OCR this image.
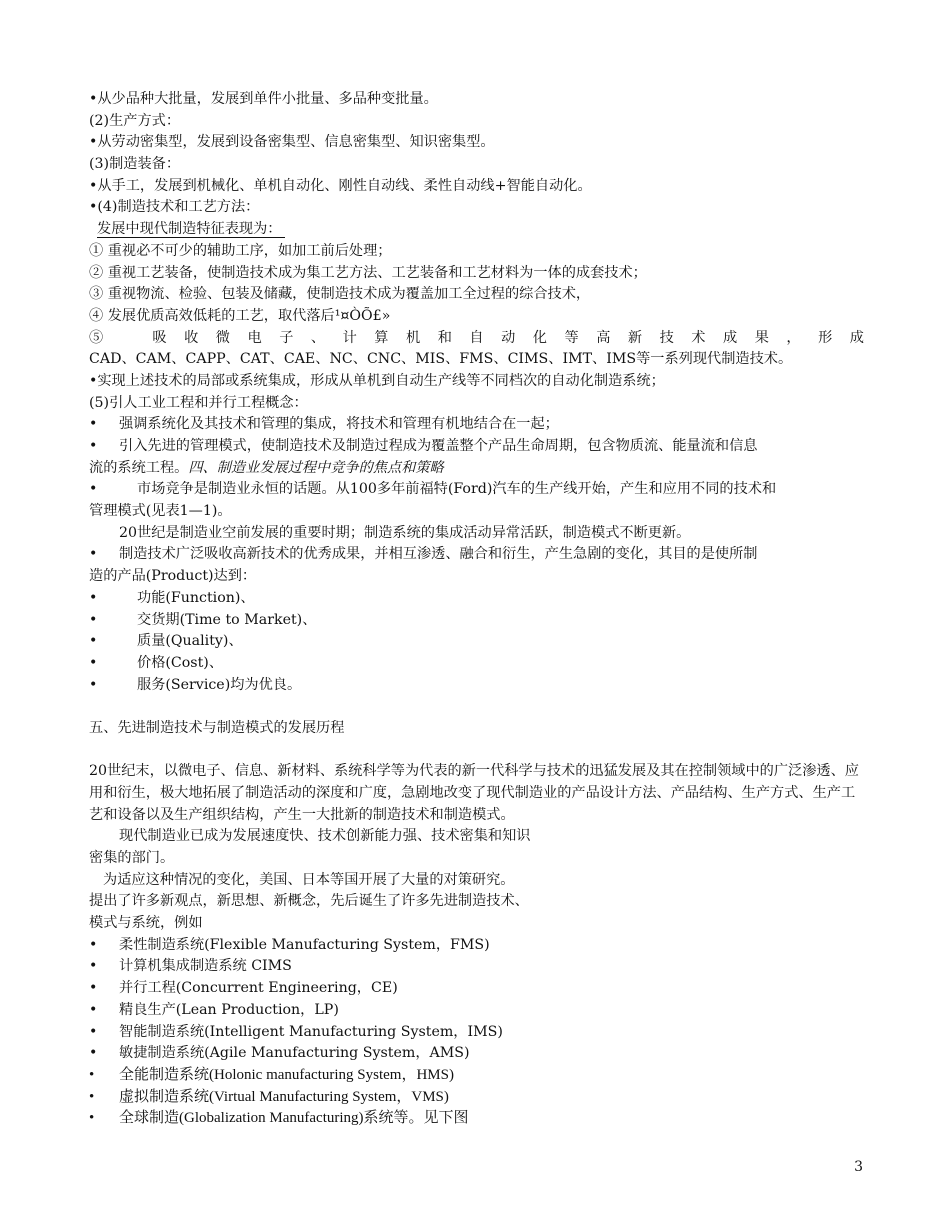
•从少品种大批量，发展到单件小批量、多品种变批量。
(2)生产方式：
•从劳动密集型，发展到设备密集型、信息密集型、知识密集型。
(3)制造装备：
•从手工，发展到机械化、单机自动化、刚性自动线、柔性自动线+智能自动化。
•(4)制造技术和工艺方法：
发展中现代制造特征表现为：
① 重视必不可少的辅助工序，如加工前后处理；
② 重视工艺装备，使制造技术成为集工艺方法、工艺装备和工艺材料为一体的成套技术；
③ 重视物流、检验、包装及储藏，使制造技术成为覆盖加工全过程的综合技术，
④ 发展优质高效低耗的工艺，取代落后¹¤ÒÕ£»
⑤　吸收微电子、计算机和自动化等高新技术成果，形成
CAD、CAM、CAPP、CAT、CAE、NC、CNC、MIS、FMS、CIMS、IMT、IMS等一系列现代制造技术。
•实现上述技术的局部或系统集成，形成从单机到自动生产线等不同档次的自动化制造系统；
(5)引人工业工程和并行工程概念：
• 强调系统化及其技术和管理的集成，将技术和管理有机地结合在一起；
• 引入先进的管理模式，使制造技术及制造过程成为覆盖整个产品生命周期，包含物质流、能量流和信息
流的系统工程。四、制造业发展过程中竞争的焦点和策略
•	市场竞争是制造业永恒的话题。从100多年前福特(Ford)汽车的生产线开始，产生和应用不同的技术和
管理模式(见表1—1)。
20世纪是制造业空前发展的重要时期；制造系统的集成活动异常活跃，制造模式不断更新。
• 制造技术广泛吸收高新技术的优秀成果，并相互渗透、融合和衍生，产生急剧的变化，其目的是使所制
造的产品(Product)达到：
•	功能(Function)、
•	交货期(Time to Market)、
•	质量(Quality)、
•	价格(Cost)、
•	服务(Service)均为优良。
五、先进制造技术与制造模式的发展历程
20世纪末，以微电子、信息、新材料、系统科学等为代表的新一代科学与技术的迅猛发展及其在控制领域中的广泛渗透、应用和衍生，极大地拓展了制造活动的深度和广度，急剧地改变了现代制造业的产品设计方法、产品结构、生产方式、生产工艺和设备以及生产组织结构，产生一大批新的制造技术和制造模式。
现代制造业已成为发展速度快、技术创新能力强、技术密集和知识
密集的部门。
为适应这种情况的变化，美国、日本等国开展了大量的对策研究。
提出了许多新观点，新思想、新概念，先后诞生了许多先进制造技术、
模式与系统，例如
• 柔性制造系统(Flexible Manufacturing System，FMS)
• 计算机集成制造系统 CIMS
• 并行工程(Concurrent Engineering，CE)
• 精良生产(Lean Production，LP)
• 智能制造系统(Intelligent Manufacturing System，IMS)
• 敏捷制造系统(Agile Manufacturing System，AMS)
• 全能制造系统(Holonic manufacturing System，HMS)
• 虚拟制造系统(Virtual Manufacturing System，VMS)
• 全球制造(Globalization Manufacturing)系统等。见下图
3
